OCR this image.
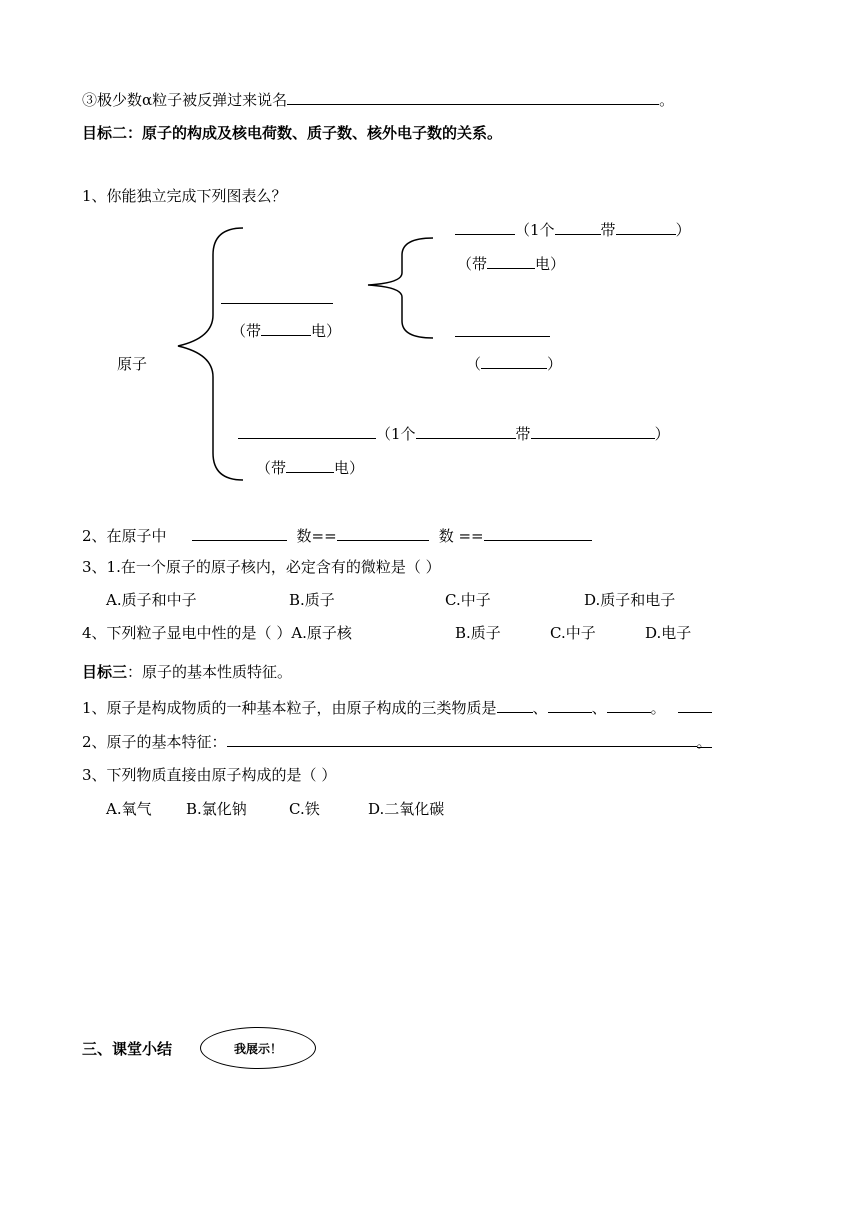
③极少数α粒子被反弹过来说名	。
目标二：原子的构成及核电荷数、质子数、核外电子数的关系。
1、你能独立完成下列图表么？
原子
（带	电）
（1个	带	）
（带	电）
（	）
（1个	带	）
（带	电）
2、在原子中	数==	数 ==
3、1.在一个原子的原子核内，必定含有的微粒是（ ）
A.质子和中子	B.质子	C.中子	D.质子和电子
4、下列粒子显电中性的是（ ）A.原子核	B.质子	C.中子	D.电子
目标三：原子的基本性质特征。
1、原子是构成物质的一种基本粒子，由原子构成的三类物质是 、	、	。
2、原子的基本特征：	。
3、下列物质直接由原子构成的是（ ）
A.氧气 B.氯化钠	C.铁	D.二氧化碳
三、课堂小结	我展示！
